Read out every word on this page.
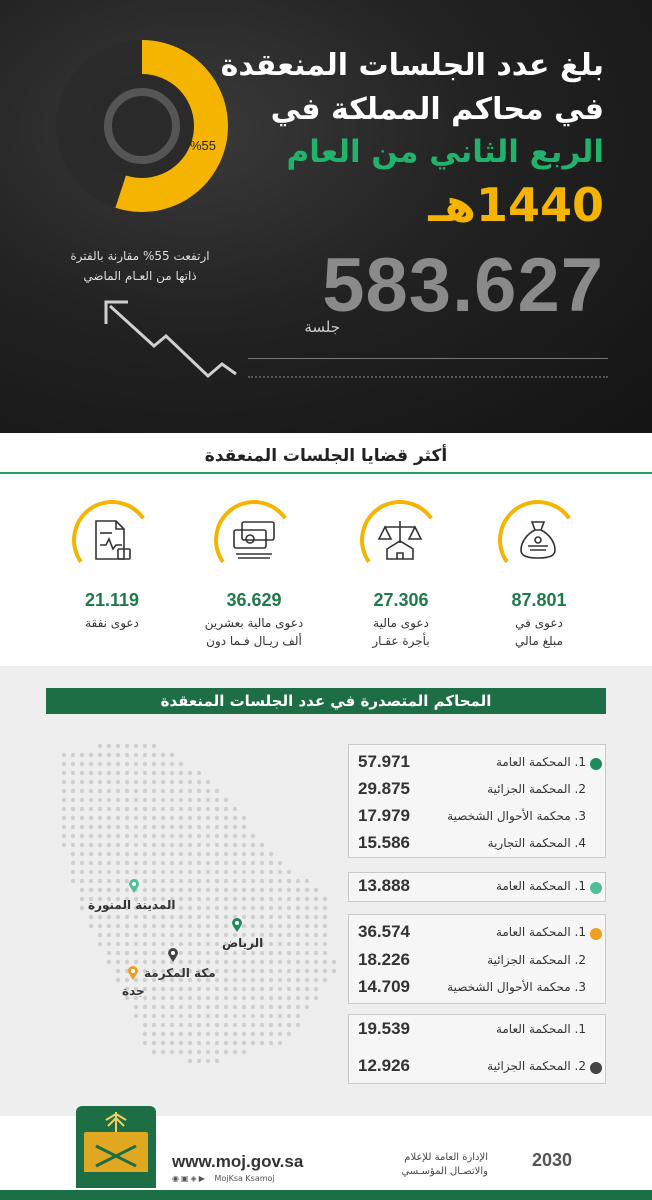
%55
بلغ عدد الجلسات المنعقدة
في محاكم المملكة في
الربع الثاني من العام
1440هـ
583.627
جلسة
ارتفعت 55% مقارنة بالفترة
ذاتها من العـام الماضي
أكثر قضايا الجلسات المنعقدة
87.801
دعوى في
مبلغ مالي
27.306
دعوى مالية
بأجرة عقـار
36.629
دعوى مالية بعشرين
ألف ريـال فـما دون
21.119
دعوى نفقة
المحاكم المتصدرة في عدد الجلسات المنعقدة
المدينة المنورة
الرياض
مكة المكرمة
جدة
57.971	1. المحكمة العامة
29.875	2. المحكمة الجزائية
17.979	3. محكمة الأحوال الشخصية
15.586	4. المحكمة التجارية
13.888	1. المحكمة العامة
36.574	1. المحكمة العامة
18.226	2. المحكمة الجزائية
14.709	3. محكمة الأحوال الشخصية
19.539	1. المحكمة العامة
12.926	2. المحكمة الجزائية
www.moj.gov.sa
◉▣◈▶ MojKsa Ksamoj
الإدارة العامة للإعلام
والاتصـال المؤسـسي
2030
